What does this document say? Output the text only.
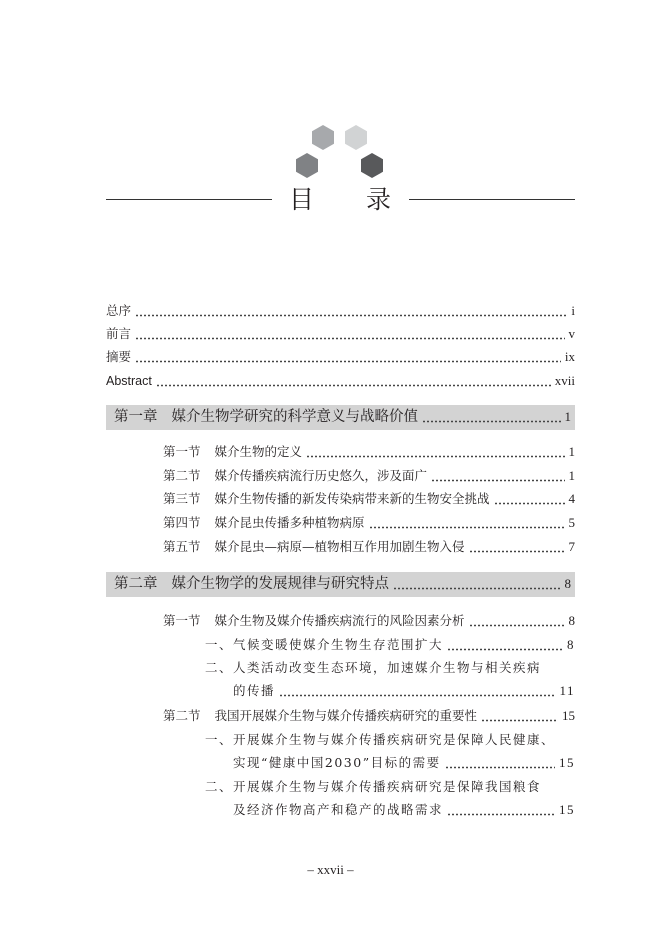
目 录
总序	i
前言	v
摘要	ix
Abstract	xvii
第一章 媒介生物学研究的科学意义与战略价值	1
第一节 媒介生物的定义	1
第二节 媒介传播疾病流行历史悠久，涉及面广	1
第三节 媒介生物传播的新发传染病带来新的生物安全挑战	4
第四节 媒介昆虫传播多种植物病原	5
第五节 媒介昆虫—病原—植物相互作用加剧生物入侵	7
第二章 媒介生物学的发展规律与研究特点	8
第一节 媒介生物及媒介传播疾病流行的风险因素分析	8
一、气候变暖使媒介生物生存范围扩大	8
二、人类活动改变生态环境，加速媒介生物与相关疾病
的传播	11
第二节 我国开展媒介生物与媒介传播疾病研究的重要性	15
一、开展媒介生物与媒介传播疾病研究是保障人民健康、
实现“健康中国2030”目标的需要	15
二、开展媒介生物与媒介传播疾病研究是保障我国粮食
及经济作物高产和稳产的战略需求	15
– xxvii –
